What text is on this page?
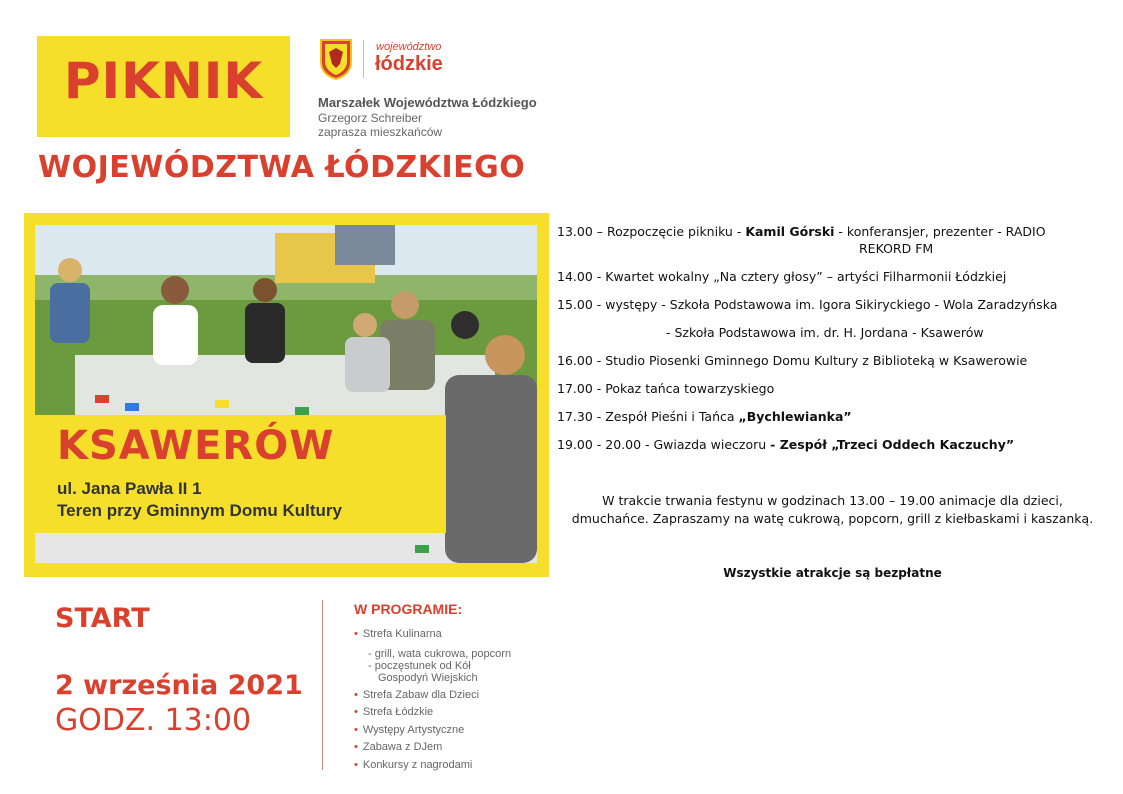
PIKNIK
WOJEWÓDZTWA ŁÓDZKIEGO
województwo
łódzkie
Marszałek Województwa Łódzkiego
Grzegorz Schreiber
zaprasza mieszkańców
KSAWERÓW
ul. Jana Pawła II 1
Teren przy Gminnym Domu Kultury
START
2 września 2021
GODZ. 13:00
W PROGRAMIE:
• Strefa Kulinarna
- grill, wata cukrowa, popcorn
- poczęstunek od Kół
Gospodyń Wiejskich
• Strefa Zabaw dla Dzieci
• Strefa Łódzkie
• Występy Artystyczne
• Zabawa z DJem
• Konkursy z nagrodami
13.00 – Rozpoczęcie pikniku - Kamil Górski - konferansjer, prezenter - RADIO
REKORD FM
14.00 - Kwartet wokalny „Na cztery głosy” – artyści Filharmonii Łódzkiej
15.00 - występy - Szkoła Podstawowa im. Igora Sikiryckiego - Wola Zaradzyńska
- Szkoła Podstawowa im. dr. H. Jordana - Ksawerów
16.00 - Studio Piosenki Gminnego Domu Kultury z Biblioteką w Ksawerowie
17.00 - Pokaz tańca towarzyskiego
17.30 - Zespół Pieśni i Tańca „Bychlewianka”
19.00 - 20.00 - Gwiazda wieczoru - Zespół „Trzeci Oddech Kaczuchy”
W trakcie trwania festynu w godzinach 13.00 – 19.00 animacje dla dzieci,
dmuchańce. Zapraszamy na watę cukrową, popcorn, grill z kiełbaskami i kaszanką.
Wszystkie atrakcje są bezpłatne
